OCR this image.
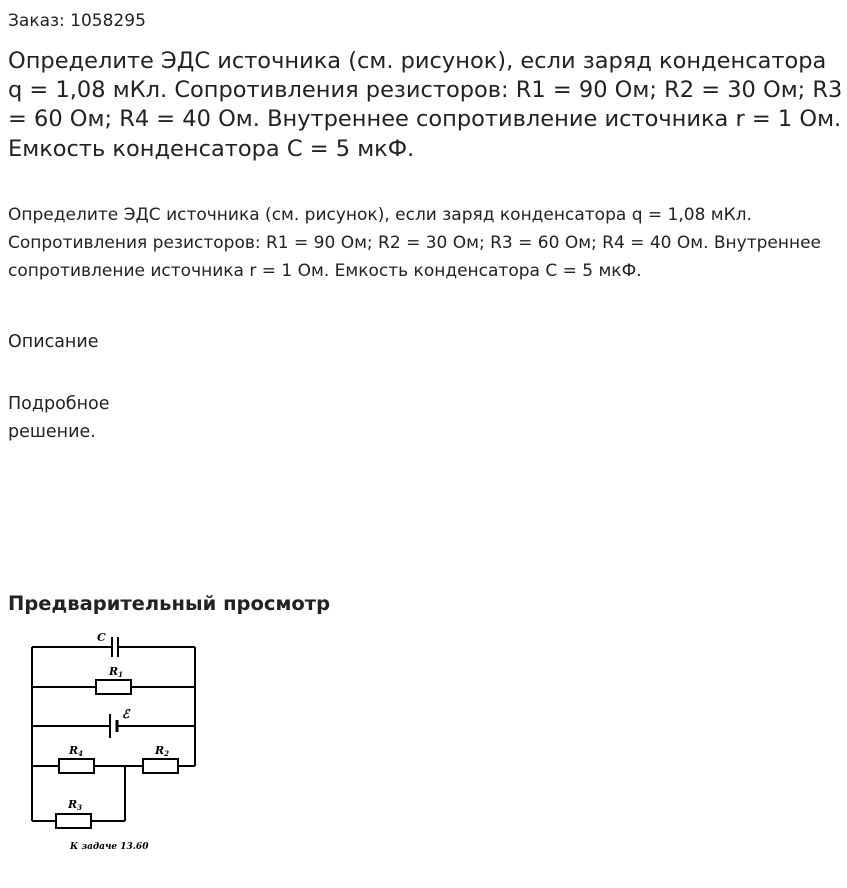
Заказ: 1058295
Определите ЭДС источника (см. рисунок), если заряд конденсатора q = 1,08 мКл. Сопротивления резисторов: R1 = 90 Ом; R2 = 30 Ом; R3 = 60 Ом; R4 = 40 Ом. Внутреннее сопротивление источника r = 1 Ом. Емкость конденсатора C = 5 мкФ.

Определите ЭДС источника (см. рисунок), если заряд конденсатора q = 1,08 мКл. Сопротивления резисторов: R1 = 90 Ом; R2 = 30 Ом; R3 = 60 Ом; R4 = 40 Ом. Внутреннее сопротивление источника r = 1 Ом. Емкость конденсатора C = 5 мкФ.

Описание

Подробное решение.

Предварительный просмотр
C
ℰ
R1
R4	R2
R3
К задаче 13.60
